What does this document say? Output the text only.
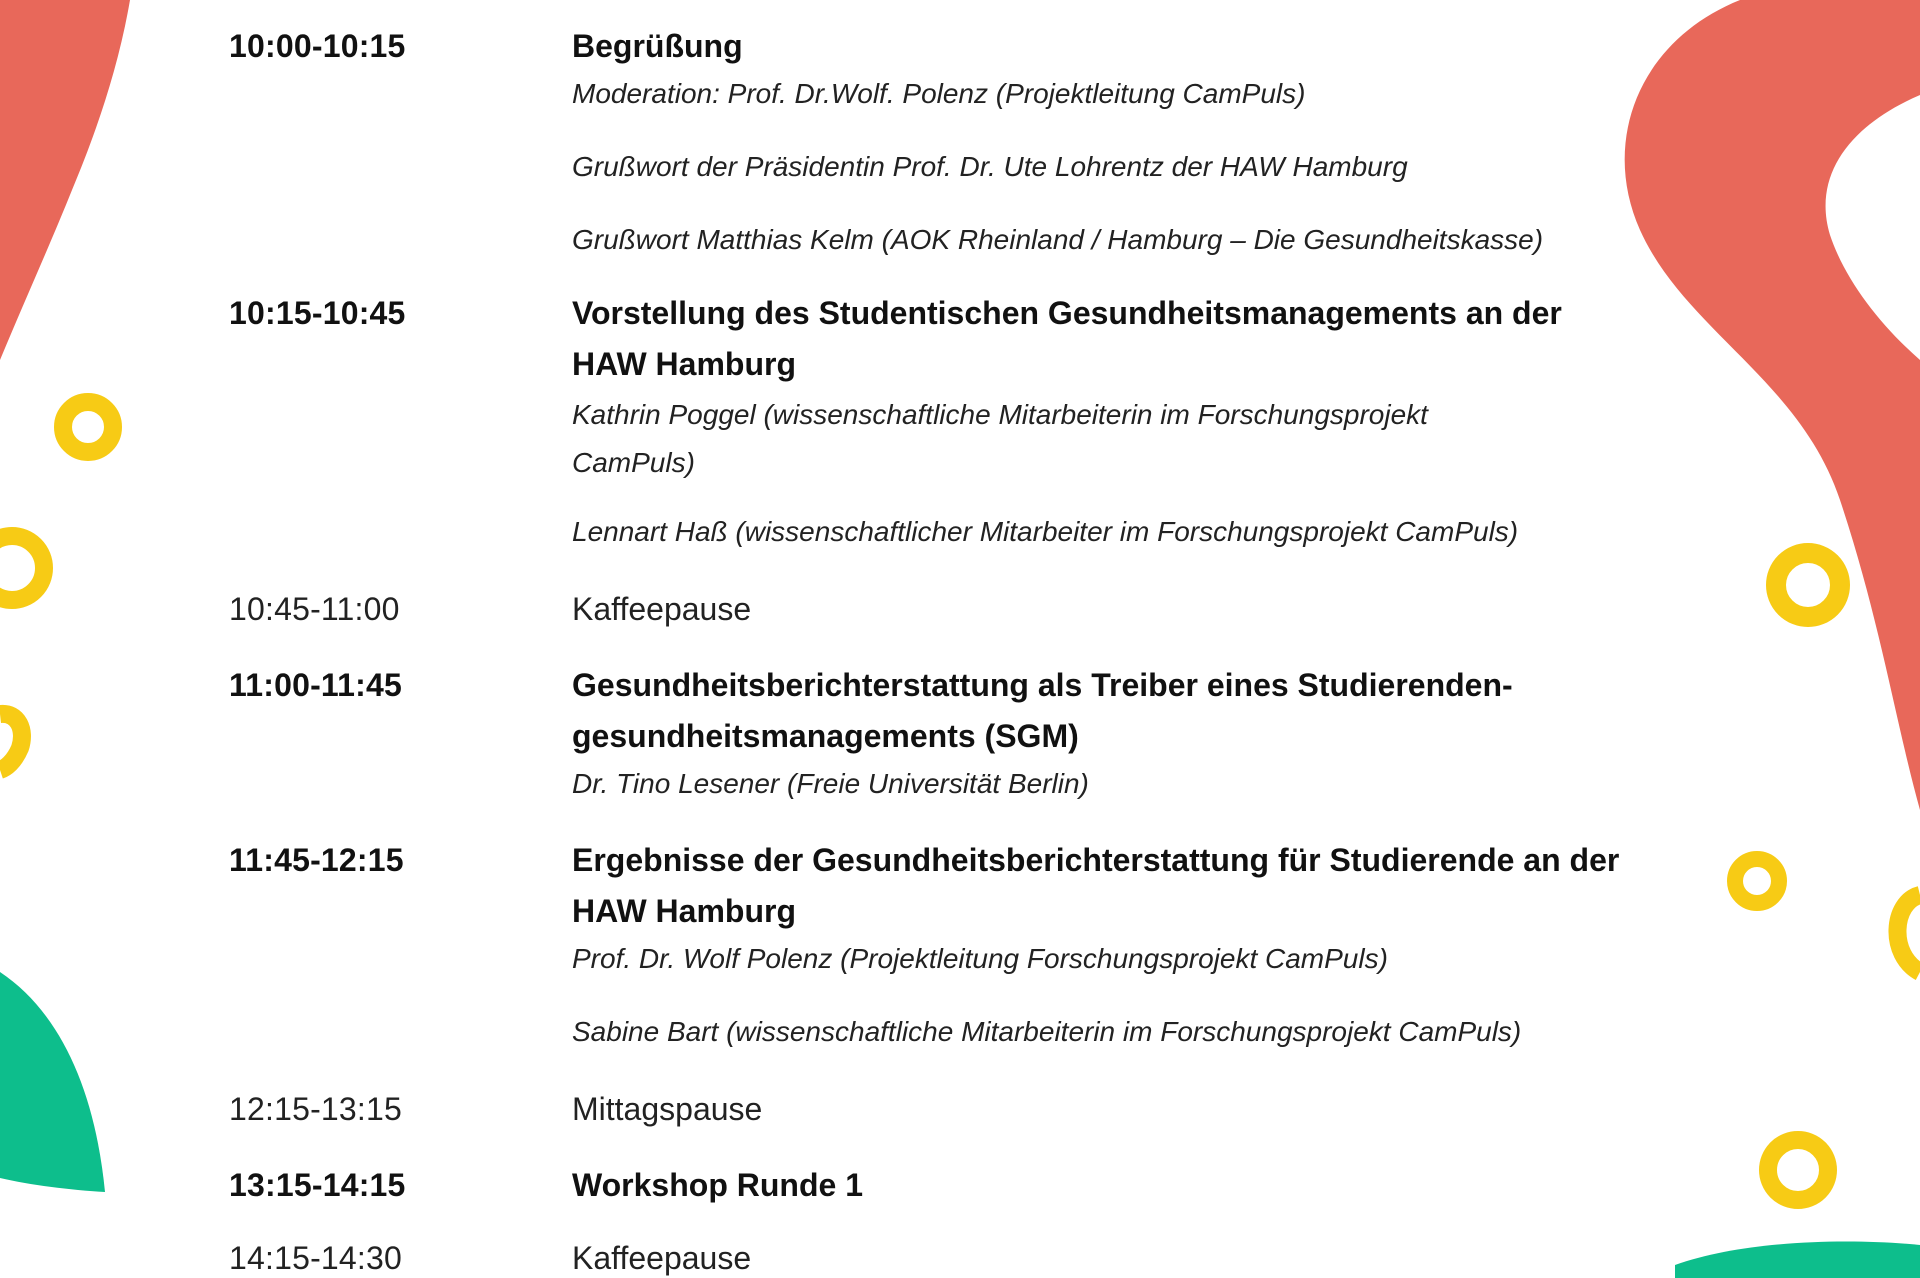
10:00-10:15	Begrüßung
Moderation: Prof. Dr.Wolf. Polenz (Projektleitung CamPuls)
Grußwort der Präsidentin Prof. Dr. Ute Lohrentz der HAW Hamburg
Grußwort Matthias Kelm (AOK Rheinland / Hamburg – Die Gesundheitskasse)
10:15-10:45	Vorstellung des Studentischen Gesundheitsmanagements an der
HAW Hamburg
Kathrin Poggel (wissenschaftliche Mitarbeiterin im Forschungsprojekt
CamPuls)
Lennart Haß (wissenschaftlicher Mitarbeiter im Forschungsprojekt CamPuls)
10:45-11:00	Kaffeepause
11:00-11:45	Gesundheitsberichterstattung als Treiber eines Studierenden-
gesundheitsmanagements (SGM)
Dr. Tino Lesener (Freie Universität Berlin)
11:45-12:15	Ergebnisse der Gesundheitsberichterstattung für Studierende an der
HAW Hamburg
Prof. Dr. Wolf Polenz (Projektleitung Forschungsprojekt CamPuls)
Sabine Bart (wissenschaftliche Mitarbeiterin im Forschungsprojekt CamPuls)
12:15-13:15	Mittagspause
13:15-14:15	Workshop Runde 1
14:15-14:30	Kaffeepause
